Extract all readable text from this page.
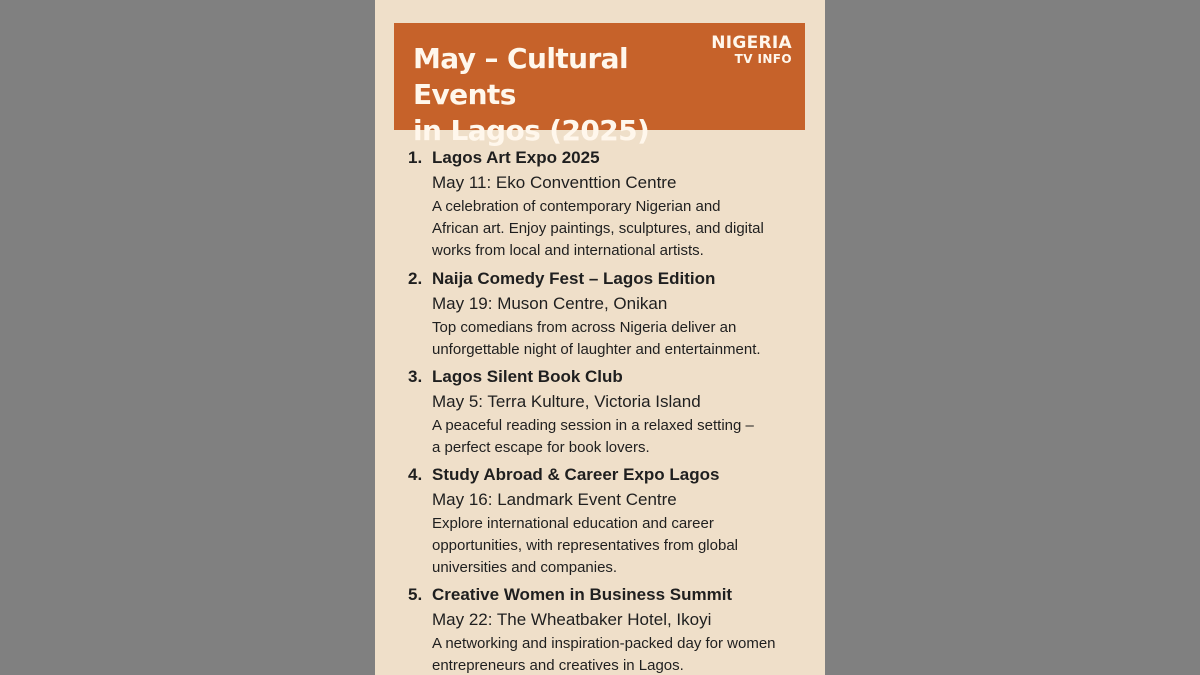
May – Cultural Events
in Lagos (2025)
NIGERIA
TV INFO
1. Lagos Art Expo 2025
May 11: Eko Conventtion Centre
A celebration of contemporary Nigerian and
African art. Enjoy paintings, sculptures, and digital
works from local and international artists.
2. Naija Comedy Fest – Lagos Edition
May 19: Muson Centre, Onikan
Top comedians from across Nigeria deliver an
unforgettable night of laughter and entertainment.
3. Lagos Silent Book Club
May 5: Terra Kulture, Victoria Island
A peaceful reading session in a relaxed setting –
a perfect escape for book lovers.
4. Study Abroad & Career Expo Lagos
May 16: Landmark Event Centre
Explore international education and career
opportunities, with representatives from global
universities and companies.
5. Creative Women in Business Summit
May 22: The Wheatbaker Hotel, Ikoyi
A networking and inspiration-packed day for women
entrepreneurs and creatives in Lagos.
